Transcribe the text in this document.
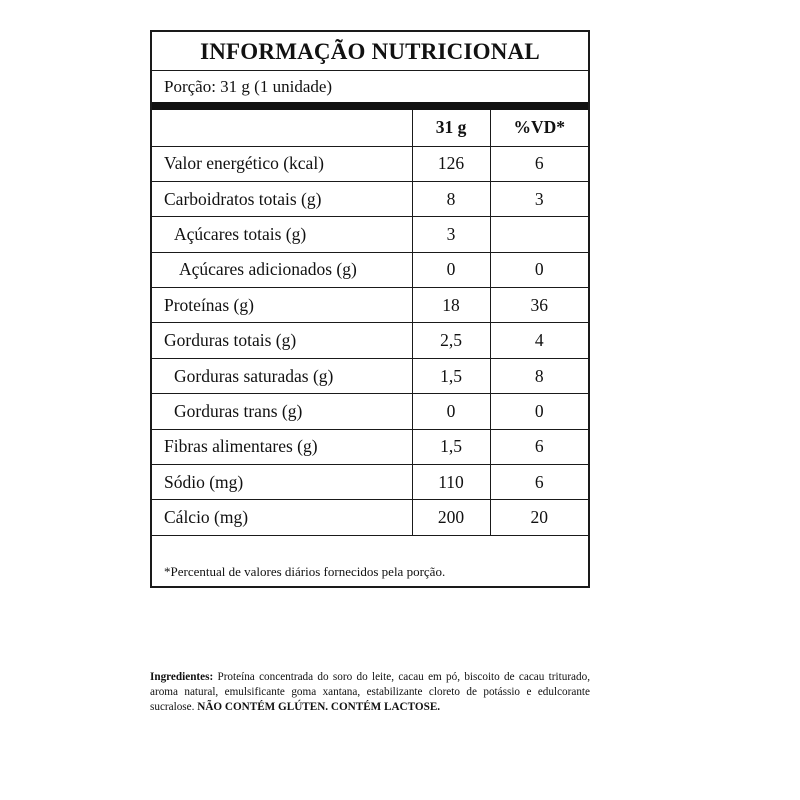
INFORMAÇÃO NUTRICIONAL
Porção: 31 g (1 unidade)
	31 g	%VD*
Valor energético (kcal)	126	6
Carboidratos totais (g)	8	3
Açúcares totais (g)	3	
Açúcares adicionados (g)	0	0
Proteínas (g)	18	36
Gorduras totais (g)	2,5	4
Gorduras saturadas (g)	1,5	8
Gorduras trans (g)	0	0
Fibras alimentares (g)	1,5	6
Sódio (mg)	110	6
Cálcio (mg)	200	20
*Percentual de valores diários fornecidos pela porção.
Ingredientes: Proteína concentrada do soro do leite, cacau em pó, biscoito de cacau triturado, aroma natural, emulsificante goma xantana, estabilizante cloreto de potássio e edulcorante sucralose. NÃO CONTÉM GLÚTEN. CONTÉM LACTOSE.
